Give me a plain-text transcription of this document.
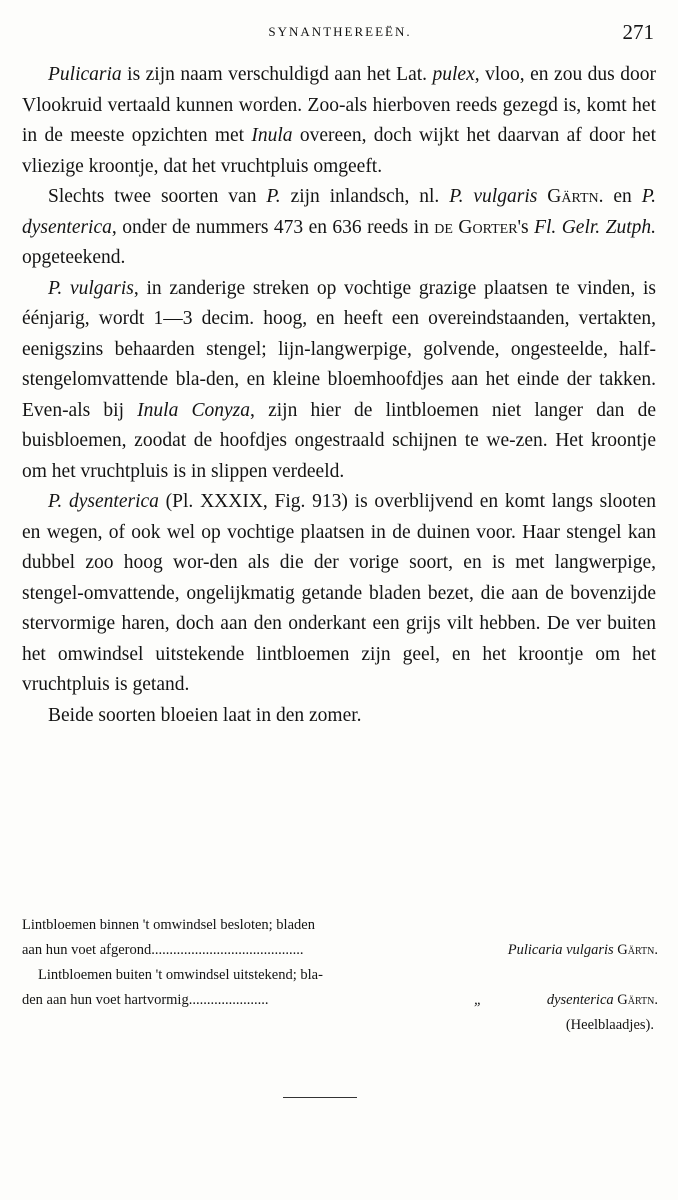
SYNANTHEREEËN.	271

Pulicaria is zijn naam verschuldigd aan het Lat. pulex, vloo, en zou dus door Vlookruid vertaald kunnen worden. Zoo-als hierboven reeds gezegd is, komt het in de meeste opzichten met Inula overeen, doch wijkt het daarvan af door het vliezige kroontje, dat het vruchtpluis omgeeft.

Slechts twee soorten van P. zijn inlandsch, nl. P. vulgaris Gärtn. en P. dysenterica, onder de nummers 473 en 636 reeds in de Gorter's Fl. Gelr. Zutph. opgeteekend.

P. vulgaris, in zanderige streken op vochtige grazige plaatsen te vinden, is éénjarig, wordt 1—3 decim. hoog, en heeft een overeindstaanden, vertakten, eenigszins behaarden stengel; lijn-langwerpige, golvende, ongesteelde, half-stengelomvattende bla-den, en kleine bloemhoofdjes aan het einde der takken. Even-als bij Inula Conyza, zijn hier de lintbloemen niet langer dan de buisbloemen, zoodat de hoofdjes ongestraald schijnen te we-zen. Het kroontje om het vruchtpluis is in slippen verdeeld.

P. dysenterica (Pl. XXXIX, Fig. 913) is overblijvend en komt langs slooten en wegen, of ook wel op vochtige plaatsen in de duinen voor. Haar stengel kan dubbel zoo hoog wor-den als die der vorige soort, en is met langwerpige, stengel-omvattende, ongelijkmatig getande bladen bezet, die aan de bovenzijde stervormige haren, doch aan den onderkant een grijs vilt hebben. De ver buiten het omwindsel uitstekende lintbloemen zijn geel, en het kroontje om het vruchtpluis is getand.

Beide soorten bloeien laat in den zomer.

Lintbloemen binnen 't omwindsel besloten; bladen
aan hun voet afgerond..........................................	Pulicaria vulgaris Gärtn.
Lintbloemen buiten 't omwindsel uitstekend; bla-
den aan hun voet hartvormig......................	„	dysenterica Gärtn.
(Heelblaadjes).
